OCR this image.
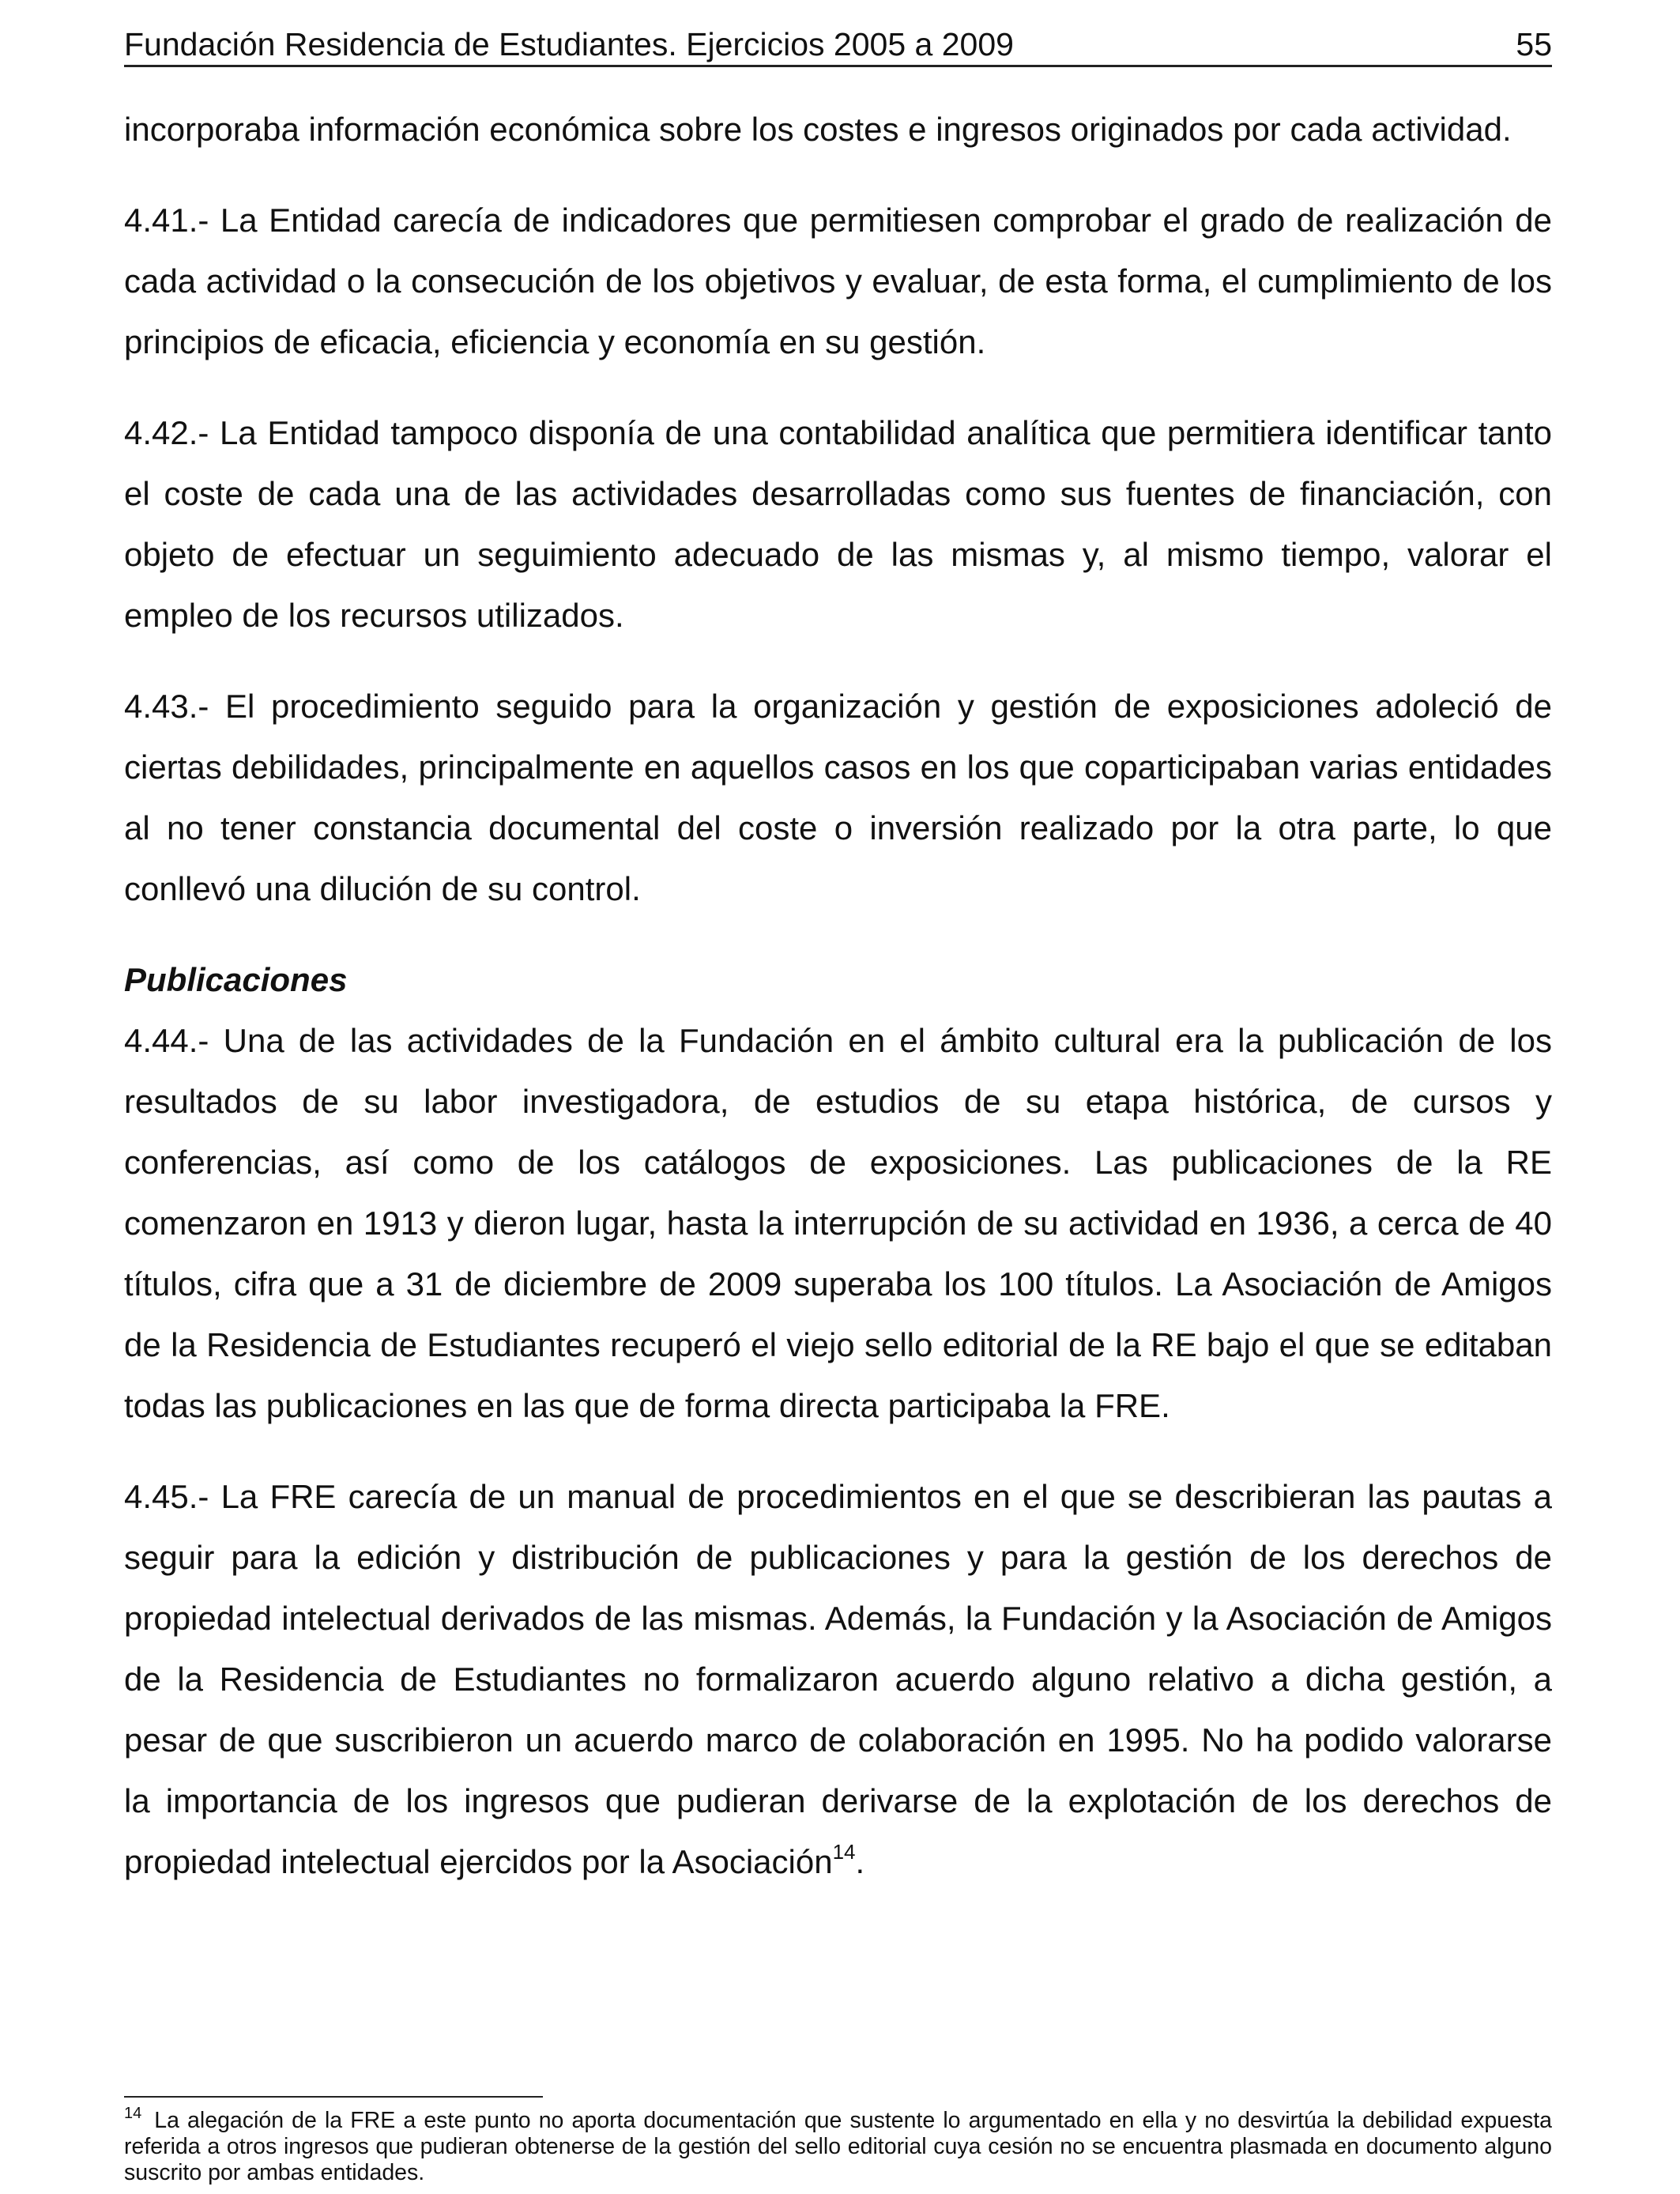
Fundación Residencia de Estudiantes. Ejercicios 2005 a 2009	55

incorporaba información económica sobre los costes e ingresos originados por cada actividad.

4.41.- La Entidad carecía de indicadores que permitiesen comprobar el grado de realización de cada actividad o la consecución de los objetivos y evaluar, de esta forma, el cumplimiento de los principios de eficacia, eficiencia y economía en su gestión.

4.42.- La Entidad tampoco disponía de una contabilidad analítica que permitiera identificar tanto el coste de cada una de las actividades desarrolladas como sus fuentes de financiación, con objeto de efectuar un seguimiento adecuado de las mismas y, al mismo tiempo, valorar el empleo de los recursos utilizados.

4.43.- El procedimiento seguido para la organización y gestión de exposiciones adoleció de ciertas debilidades, principalmente en aquellos casos en los que coparticipaban varias entidades al no tener constancia documental del coste o inversión realizado por la otra parte, lo que conllevó una dilución de su control.

Publicaciones

4.44.- Una de las actividades de la Fundación en el ámbito cultural era la publicación de los resultados de su labor investigadora, de estudios de su etapa histórica, de cursos y conferencias, así como de los catálogos de exposiciones. Las publicaciones de la RE comenzaron en 1913 y dieron lugar, hasta la interrupción de su actividad en 1936, a cerca de 40 títulos, cifra que a 31 de diciembre de 2009 superaba los 100 títulos. La Asociación de Amigos de la Residencia de Estudiantes recuperó el viejo sello editorial de la RE bajo el que se editaban todas las publicaciones en las que de forma directa participaba la FRE.

4.45.- La FRE carecía de un manual de procedimientos en el que se describieran las pautas a seguir para la edición y distribución de publicaciones y para la gestión de los derechos de propiedad intelectual derivados de las mismas. Además, la Fundación y la Asociación de Amigos de la Residencia de Estudiantes no formalizaron acuerdo alguno relativo a dicha gestión, a pesar de que suscribieron un acuerdo marco de colaboración en 1995. No ha podido valorarse la importancia de los ingresos que pudieran derivarse de la explotación de los derechos de propiedad intelectual ejercidos por la Asociación$^{14}$.

$^{14}$ La alegación de la FRE a este punto no aporta documentación que sustente lo argumentado en ella y no desvirtúa la debilidad expuesta referida a otros ingresos que pudieran obtenerse de la gestión del sello editorial cuya cesión no se encuentra plasmada en documento alguno suscrito por ambas entidades.
